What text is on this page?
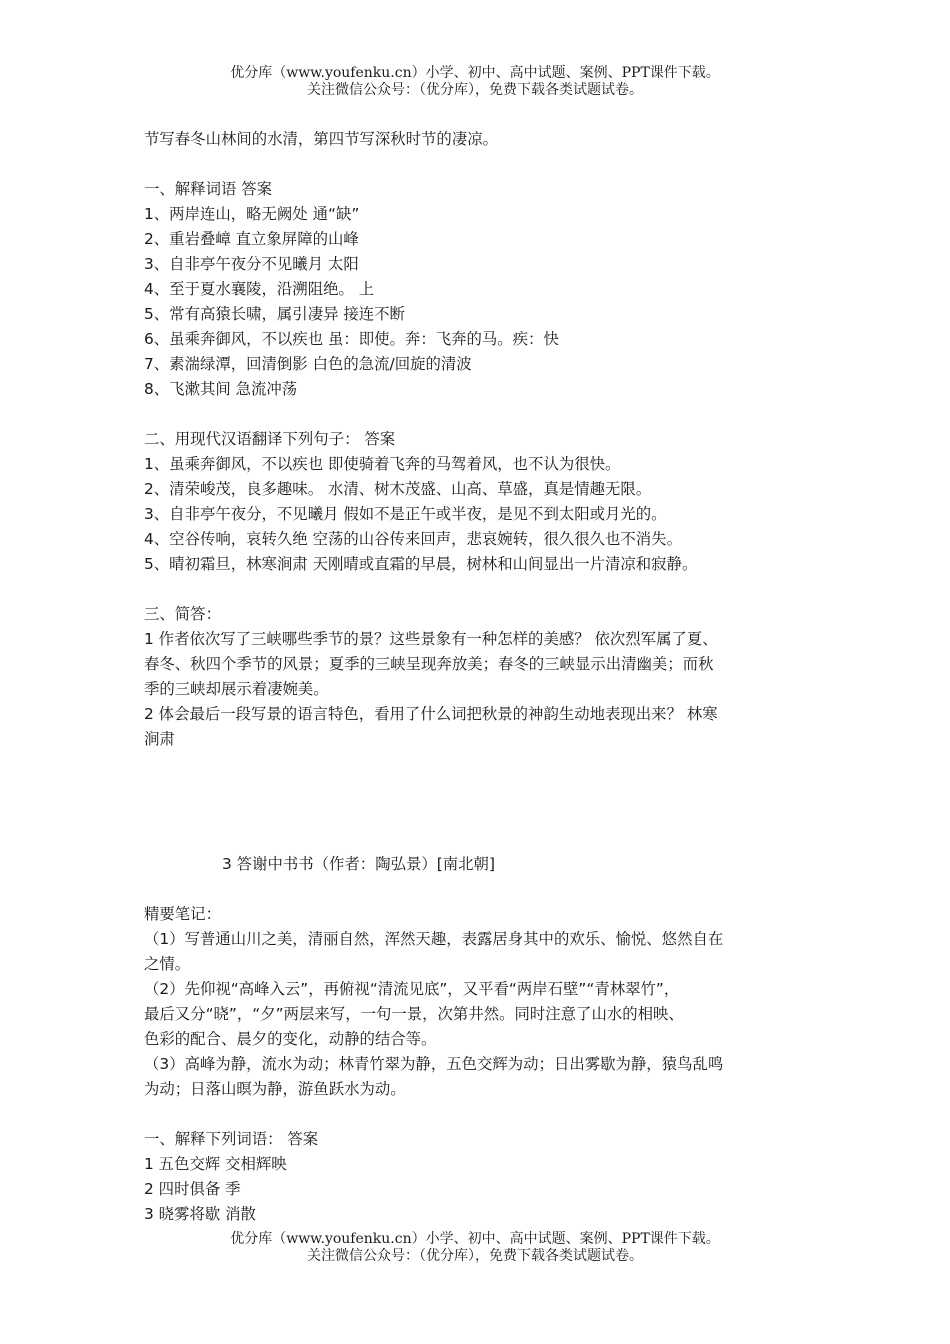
优分库（www.youfenku.cn）小学、初中、高中试题、案例、PPT课件下载。
关注微信公众号：（优分库），免费下载各类试题试卷。
节写春冬山林间的水清，第四节写深秋时节的凄凉。
一、解释词语 答案
1、两岸连山，略无阙处 通“缺”
2、重岩叠嶂 直立象屏障的山峰
3、自非亭午夜分不见曦月 太阳
4、至于夏水襄陵，沿溯阻绝。 上
5、常有高猿长啸，属引凄异 接连不断
6、虽乘奔御风，不以疾也 虽：即使。奔：飞奔的马。疾：快
7、素湍绿潭，回清倒影 白色的急流/回旋的清波
8、飞漱其间 急流冲荡
二、用现代汉语翻译下列句子： 答案
1、虽乘奔御风，不以疾也 即使骑着飞奔的马驾着风，也不认为很快。
2、清荣峻茂，良多趣味。 水清、树木茂盛、山高、草盛，真是情趣无限。
3、自非亭午夜分，不见曦月 假如不是正午或半夜，是见不到太阳或月光的。
4、空谷传响，哀转久绝 空荡的山谷传来回声，悲哀婉转，很久很久也不消失。
5、晴初霜旦，林寒涧肃 天刚晴或直霜的早晨，树林和山间显出一片清凉和寂静。
三、简答：
1 作者依次写了三峡哪些季节的景？这些景象有一种怎样的美感？ 依次烈军属了夏、
春冬、秋四个季节的风景；夏季的三峡呈现奔放美；春冬的三峡显示出清幽美；而秋
季的三峡却展示着凄婉美。
2 体会最后一段写景的语言特色，看用了什么词把秋景的神韵生动地表现出来？ 林寒
涧肃
3 答谢中书书（作者：陶弘景）[南北朝]
精要笔记：
（1）写普通山川之美，清丽自然，浑然天趣，表露居身其中的欢乐、愉悦、悠然自在
之情。
（2）先仰视“高峰入云”，再俯视“清流见底”，又平看“两岸石壁”“青林翠竹”，
最后又分“晓”，“夕”两层来写，一句一景，次第井然。同时注意了山水的相映、
色彩的配合、晨夕的变化，动静的结合等。
（3）高峰为静，流水为动；林青竹翠为静，五色交辉为动；日出雾歇为静，猿鸟乱鸣
为动；日落山暝为静，游鱼跃水为动。
一、解释下列词语： 答案
1 五色交辉 交相辉映
2 四时俱备 季
3 晓雾将歇 消散
优分库（www.youfenku.cn）小学、初中、高中试题、案例、PPT课件下载。
关注微信公众号：（优分库），免费下载各类试题试卷。
